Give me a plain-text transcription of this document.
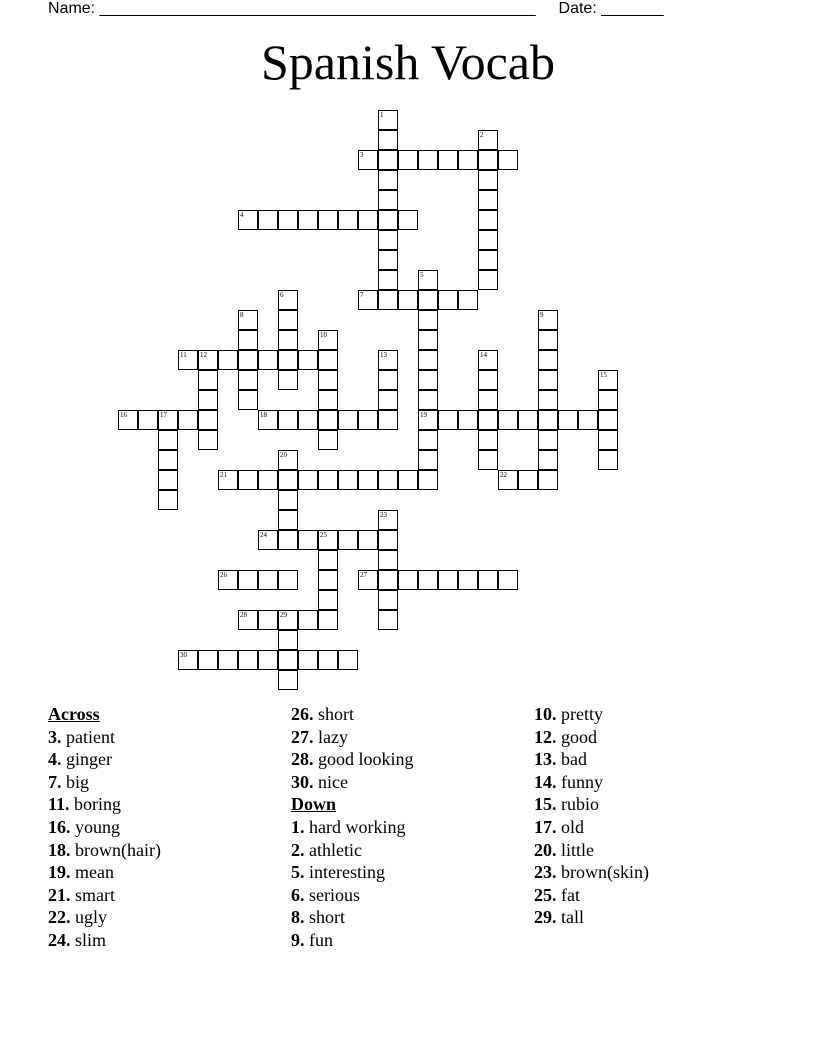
Name: _________________________________________________ Date: _______
Spanish Vocab
1
2
3
4
5
6	7
8	9
10
11 12	13	14
15
16	17	18	19
20
21	22
23
24	25
26	27
28	29
30
Across
3. patient
4. ginger
7. big
11. boring
16. young
18. brown(hair)
19. mean
21. smart
22. ugly
24. slim
26. short
27. lazy
28. good looking
30. nice
Down
1. hard working
2. athletic
5. interesting
6. serious
8. short
9. fun
10. pretty
12. good
13. bad
14. funny
15. rubio
17. old
20. little
23. brown(skin)
25. fat
29. tall
